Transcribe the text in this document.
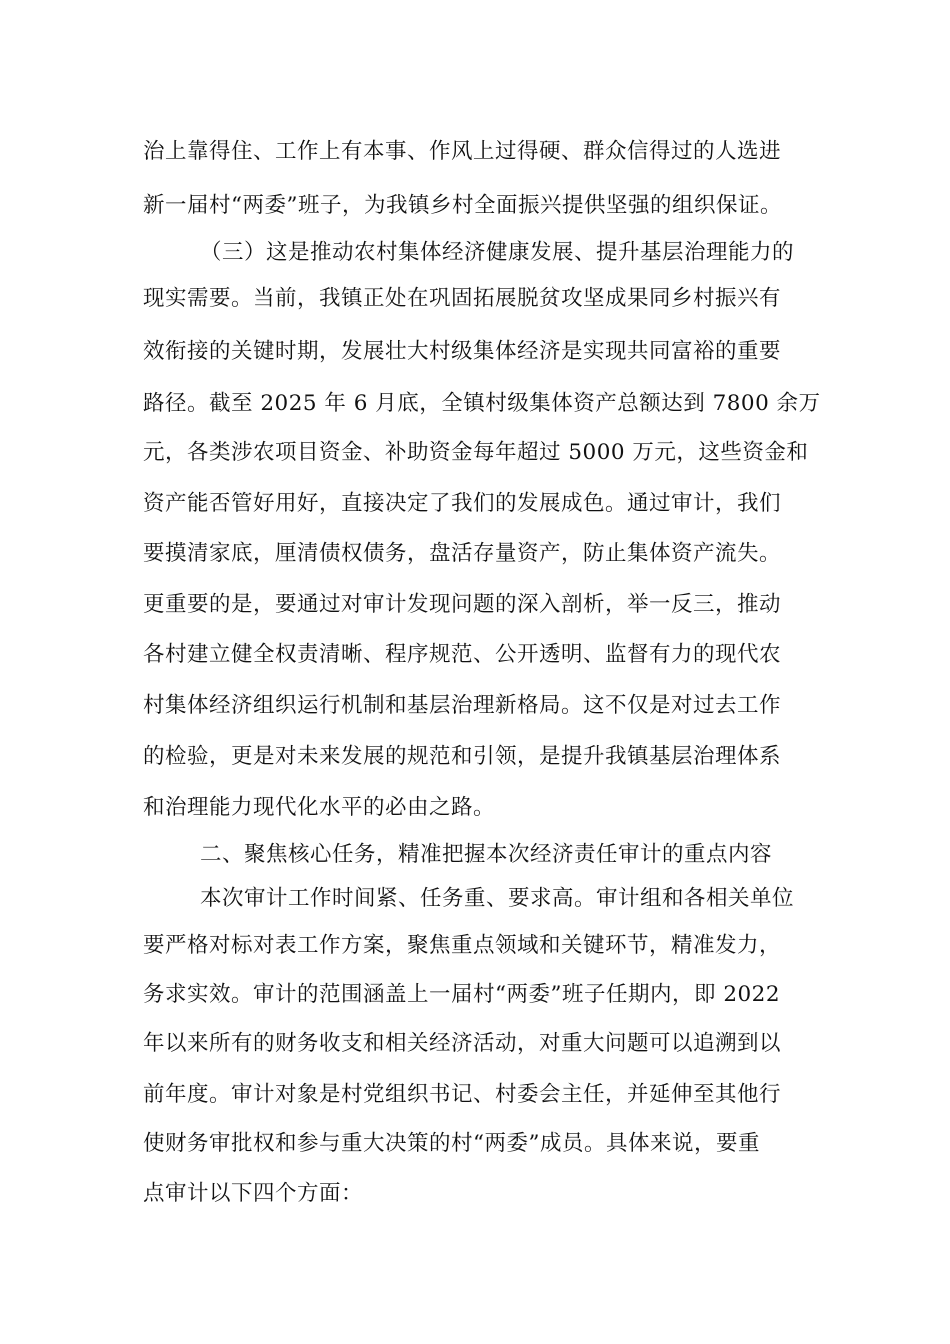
治上靠得住、工作上有本事、作风上过得硬、群众信得过的人选进
新一届村“两委”班子，为我镇乡村全面振兴提供坚强的组织保证。
（三）这是推动农村集体经济健康发展、提升基层治理能力的
现实需要。当前，我镇正处在巩固拓展脱贫攻坚成果同乡村振兴有
效衔接的关键时期，发展壮大村级集体经济是实现共同富裕的重要
路径。截至 2025 年 6 月底，全镇村级集体资产总额达到 7800 余万
元，各类涉农项目资金、补助资金每年超过 5000 万元，这些资金和
资产能否管好用好，直接决定了我们的发展成色。通过审计，我们
要摸清家底，厘清债权债务，盘活存量资产，防止集体资产流失。
更重要的是，要通过对审计发现问题的深入剖析，举一反三，推动
各村建立健全权责清晰、程序规范、公开透明、监督有力的现代农
村集体经济组织运行机制和基层治理新格局。这不仅是对过去工作
的检验，更是对未来发展的规范和引领，是提升我镇基层治理体系
和治理能力现代化水平的必由之路。
二、聚焦核心任务，精准把握本次经济责任审计的重点内容
本次审计工作时间紧、任务重、要求高。审计组和各相关单位
要严格对标对表工作方案，聚焦重点领域和关键环节，精准发力，
务求实效。审计的范围涵盖上一届村“两委”班子任期内，即 2022
年以来所有的财务收支和相关经济活动，对重大问题可以追溯到以
前年度。审计对象是村党组织书记、村委会主任，并延伸至其他行
使财务审批权和参与重大决策的村“两委”成员。具体来说，要重
点审计以下四个方面：
